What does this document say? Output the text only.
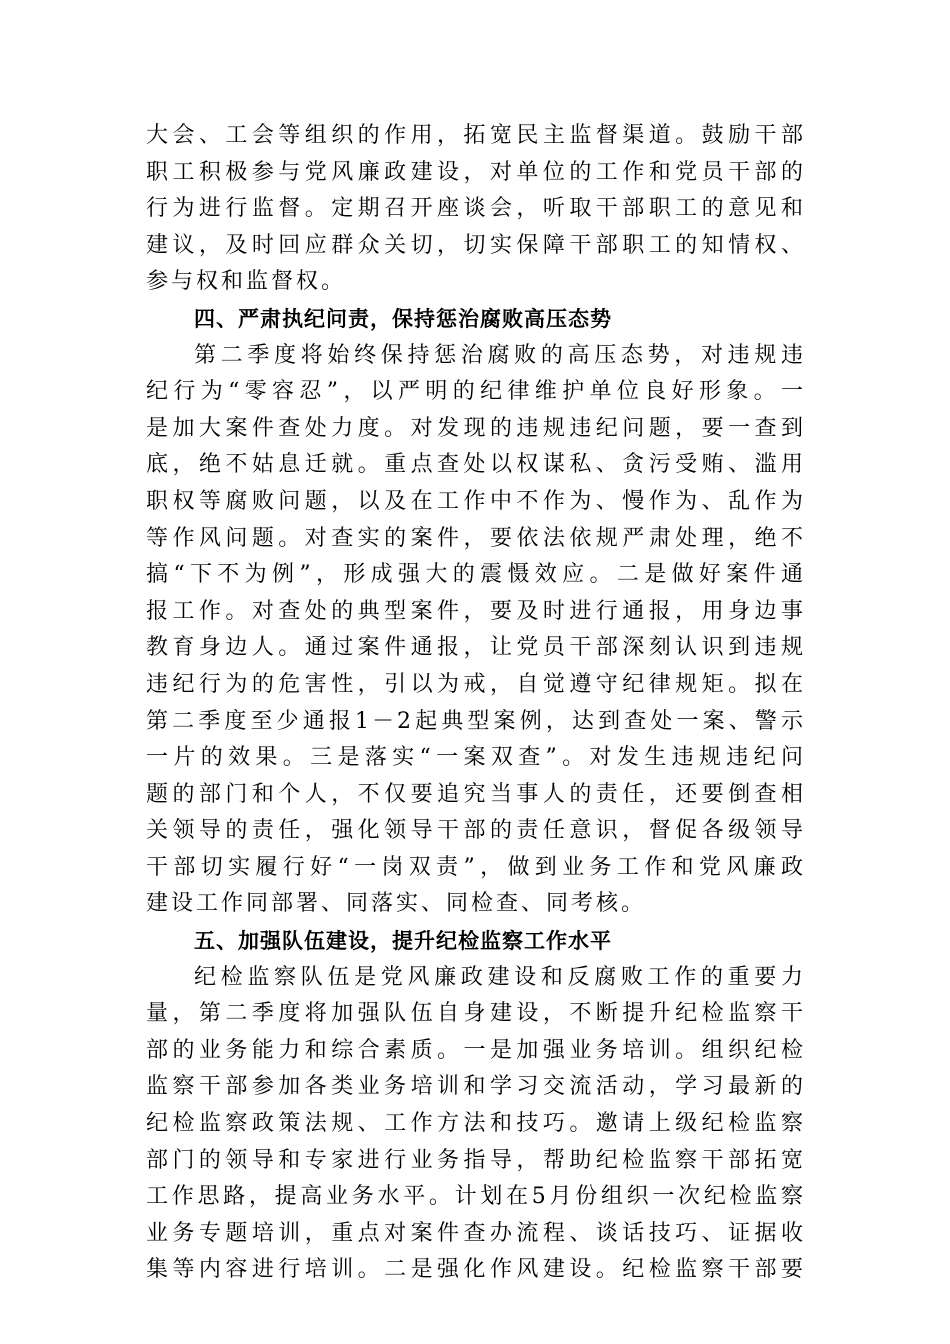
大会、工会等组织的作用，拓宽民主监督渠道。鼓励干部
职工积极参与党风廉政建设，对单位的工作和党员干部的
行为进行监督。定期召开座谈会，听取干部职工的意见和
建议，及时回应群众关切，切实保障干部职工的知情权、
参与权和监督权。
四、严肃执纪问责，保持惩治腐败高压态势
第二季度将始终保持惩治腐败的高压态势，对违规违
纪行为“零容忍”，以严明的纪律维护单位良好形象。一
是加大案件查处力度。对发现的违规违纪问题，要一查到
底，绝不姑息迁就。重点查处以权谋私、贪污受贿、滥用
职权等腐败问题，以及在工作中不作为、慢作为、乱作为
等作风问题。对查实的案件，要依法依规严肃处理，绝不
搞“下不为例”，形成强大的震慑效应。二是做好案件通
报工作。对查处的典型案件，要及时进行通报，用身边事
教育身边人。通过案件通报，让党员干部深刻认识到违规
违纪行为的危害性，引以为戒，自觉遵守纪律规矩。拟在
第二季度至少通报1－2起典型案例，达到查处一案、警示
一片的效果。三是落实“一案双查”。对发生违规违纪问
题的部门和个人，不仅要追究当事人的责任，还要倒查相
关领导的责任，强化领导干部的责任意识，督促各级领导
干部切实履行好“一岗双责”，做到业务工作和党风廉政
建设工作同部署、同落实、同检查、同考核。
五、加强队伍建设，提升纪检监察工作水平
纪检监察队伍是党风廉政建设和反腐败工作的重要力
量，第二季度将加强队伍自身建设，不断提升纪检监察干
部的业务能力和综合素质。一是加强业务培训。组织纪检
监察干部参加各类业务培训和学习交流活动，学习最新的
纪检监察政策法规、工作方法和技巧。邀请上级纪检监察
部门的领导和专家进行业务指导，帮助纪检监察干部拓宽
工作思路，提高业务水平。计划在5月份组织一次纪检监察
业务专题培训，重点对案件查办流程、谈话技巧、证据收
集等内容进行培训。二是强化作风建设。纪检监察干部要
